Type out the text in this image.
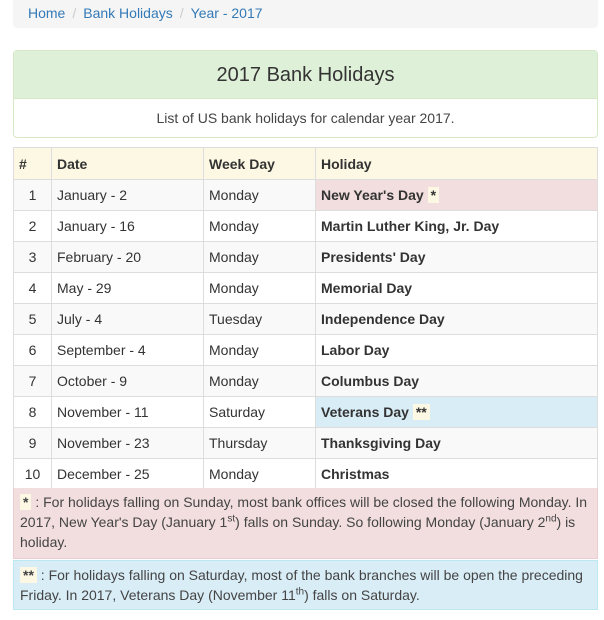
Home / Bank Holidays / Year - 2017
2017 Bank Holidays
List of US bank holidays for calendar year 2017.
#	Date	Week Day	Holiday
1	January - 2	Monday	New Year's Day *
2	January - 16	Monday	Martin Luther King, Jr. Day
3	February - 20	Monday	Presidents' Day
4	May - 29	Monday	Memorial Day
5	July - 4	Tuesday	Independence Day
6	September - 4	Monday	Labor Day
7	October - 9	Monday	Columbus Day
8	November - 11	Saturday	Veterans Day **
9	November - 23	Thursday	Thanksgiving Day
10	December - 25	Monday	Christmas
* : For holidays falling on Sunday, most bank offices will be closed the following Monday. In 2017, New Year's Day (January 1st) falls on Sunday. So following Monday (January 2nd) is holiday.
** : For holidays falling on Saturday, most of the bank branches will be open the preceding Friday. In 2017, Veterans Day (November 11th) falls on Saturday.
